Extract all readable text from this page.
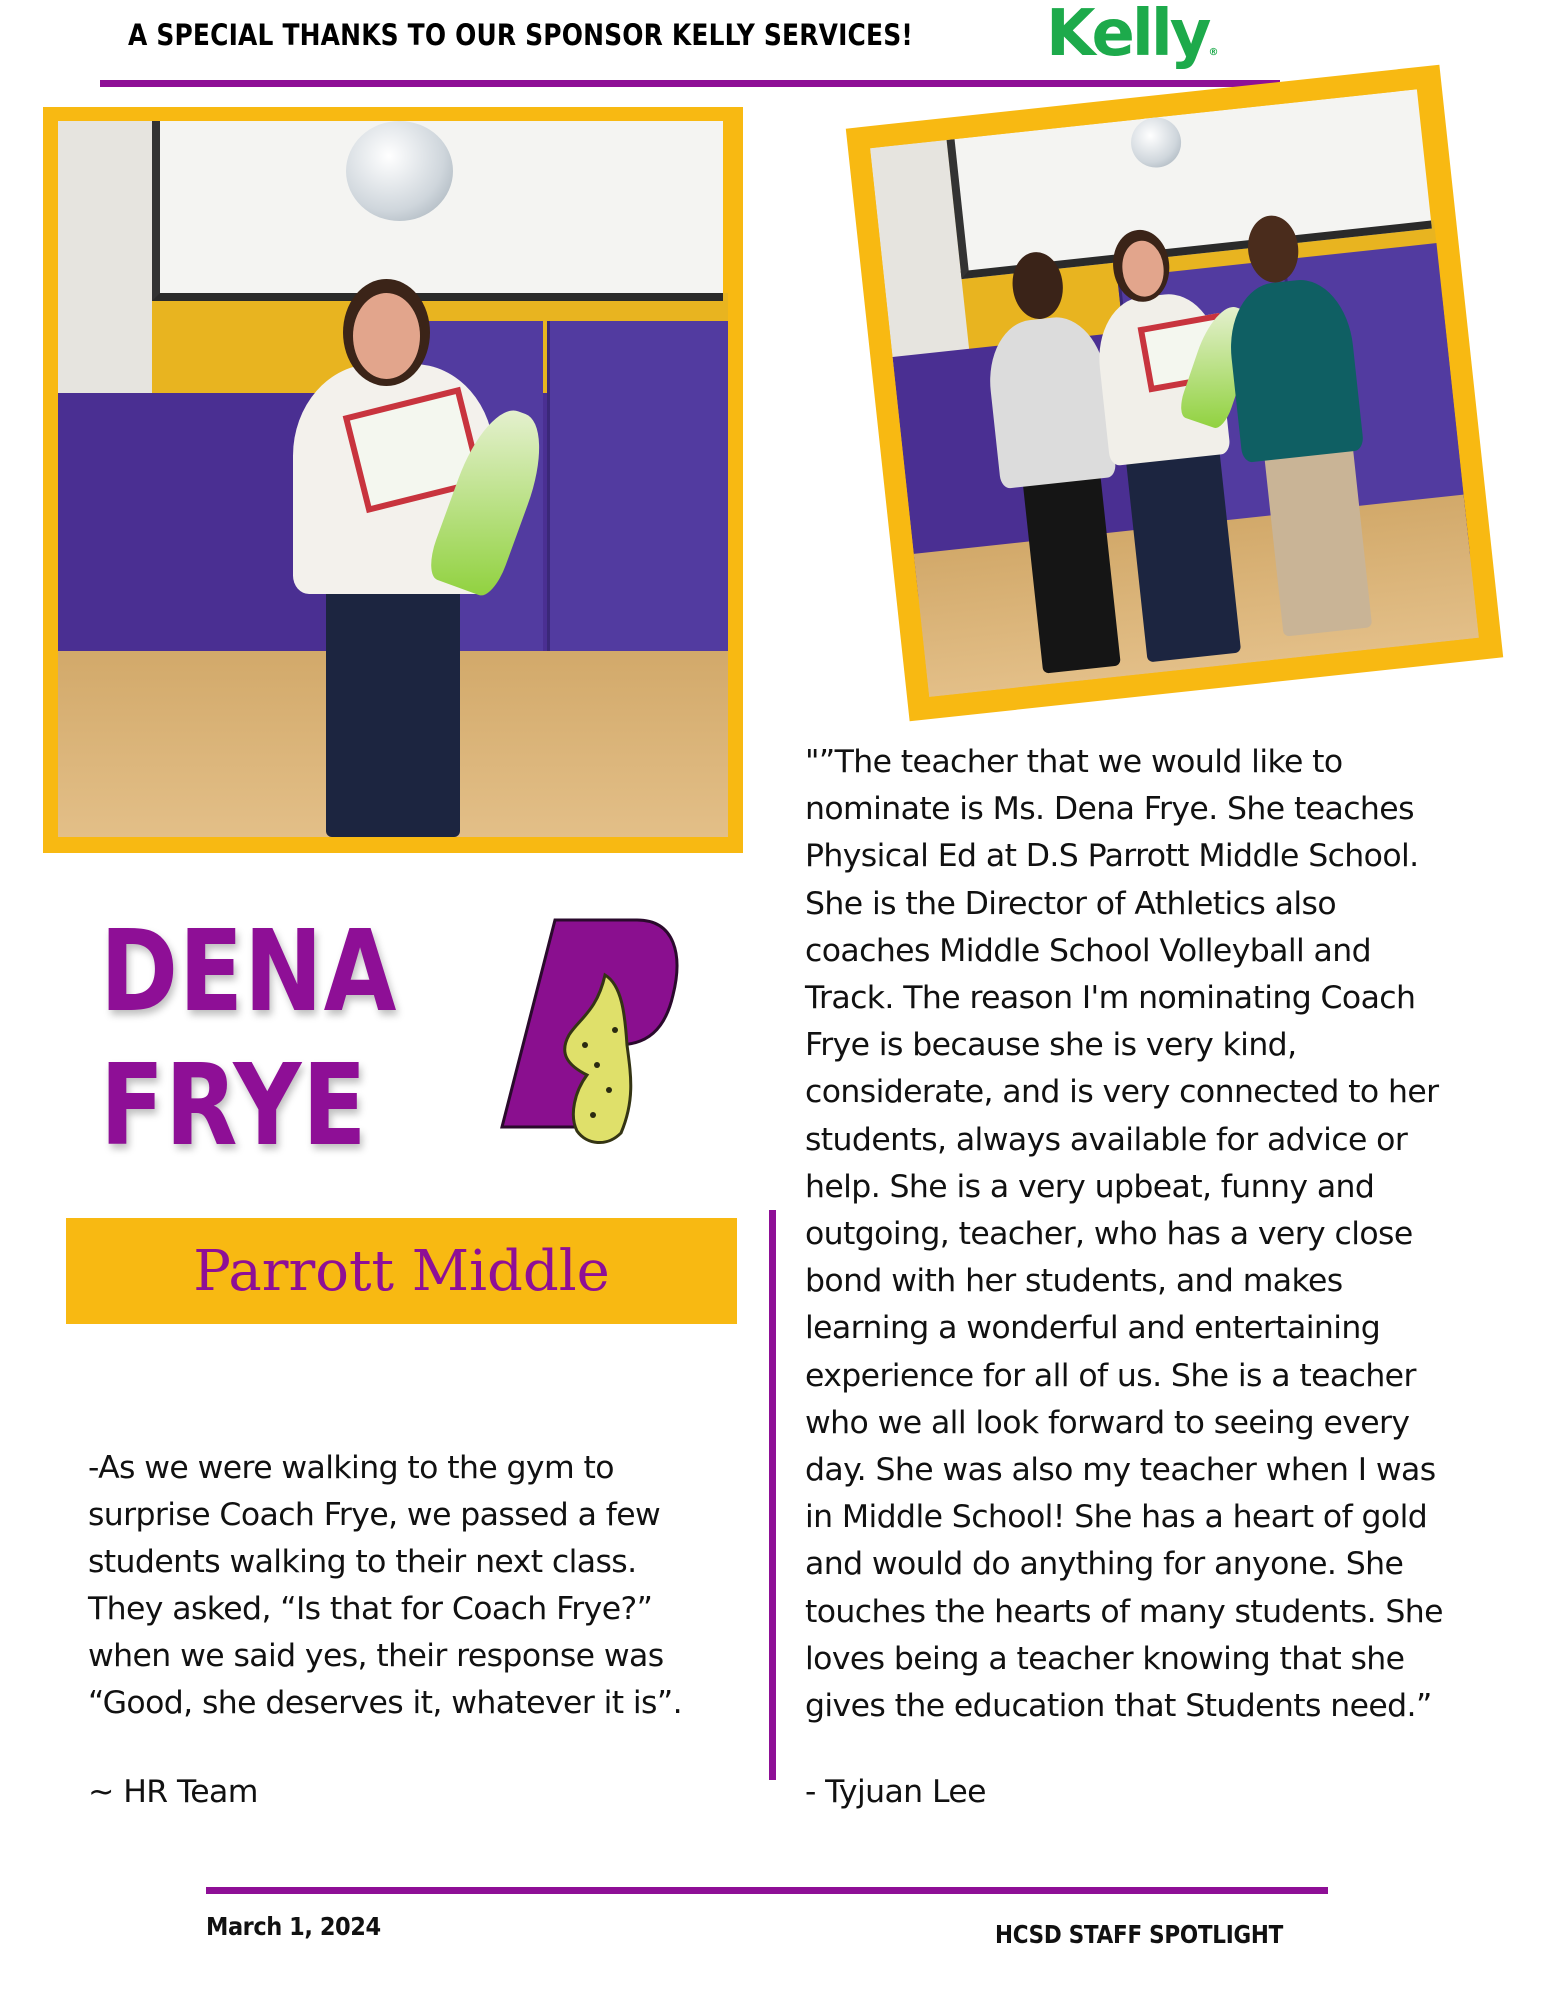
A SPECIAL THANKS TO OUR SPONSOR KELLY SERVICES! Kelly®
DENA
FRYE
Parrott Middle
-As we were walking to the gym to
surprise Coach Frye, we passed a few
students walking to their next class.
They asked, “Is that for Coach Frye?”
when we said yes, their response was
“Good, she deserves it, whatever it is”.
~ HR Team
"”The teacher that we would like to
nominate is Ms. Dena Frye. She teaches
Physical Ed at D.S Parrott Middle School.
She is the Director of Athletics also
coaches Middle School Volleyball and
Track. The reason I'm nominating Coach
Frye is because she is very kind,
considerate, and is very connected to her
students, always available for advice or
help. She is a very upbeat, funny and
outgoing, teacher, who has a very close
bond with her students, and makes
learning a wonderful and entertaining
experience for all of us. She is a teacher
who we all look forward to seeing every
day. She was also my teacher when I was
in Middle School! She has a heart of gold
and would do anything for anyone. She
touches the hearts of many students. She
loves being a teacher knowing that she
gives the education that Students need.”
- Tyjuan Lee
March 1, 2024	HCSD STAFF SPOTLIGHT
